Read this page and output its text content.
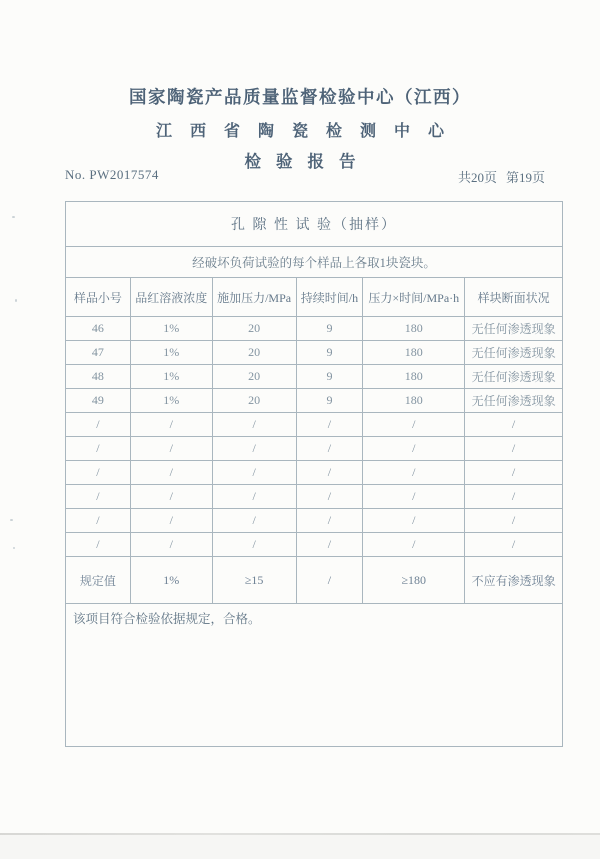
国家陶瓷产品质量监督检验中心（江西）
江西省陶瓷检测中心
检验报告
No. PW2017574	共20页 第19页
孔 隙 性 试 验（抽样）					
经破坏负荷试验的每个样品上各取1块瓷块。					
样品小号	品红溶液浓度	施加压力/MPa	持续时间/h	压力×时间/MPa·h	样块断面状况
46	1%	20	9	180	无任何渗透现象
47	1%	20	9	180	无任何渗透现象
48	1%	20	9	180	无任何渗透现象
49	1%	20	9	180	无任何渗透现象
/	/	/	/	/	/
/	/	/	/	/	/
/	/	/	/	/	/
/	/	/	/	/	/
/	/	/	/	/	/
/	/	/	/	/	/
规定值	1%	≥15	/	≥180	不应有渗透现象
该项目符合检验依据规定，合格。					
